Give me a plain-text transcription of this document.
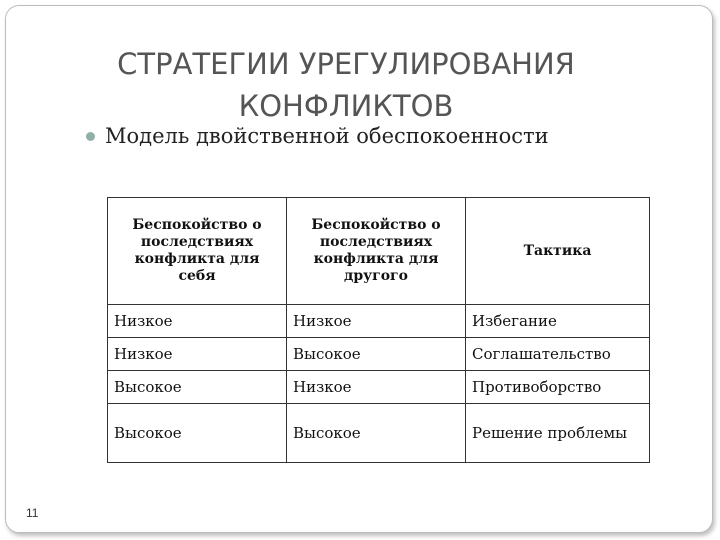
СТРАТЕГИИ УРЕГУЛИРОВАНИЯ
КОНФЛИКТОВ
Модель двойственной обеспокоенности
Беспокойство о последствиях конфликта для себя	Беспокойство о последствиях конфликта для другого	Тактика
Низкое	Низкое	Избегание
Низкое	Высокое	Соглашательство
Высокое	Низкое	Противоборство
Высокое	Высокое	Решение проблемы
11
